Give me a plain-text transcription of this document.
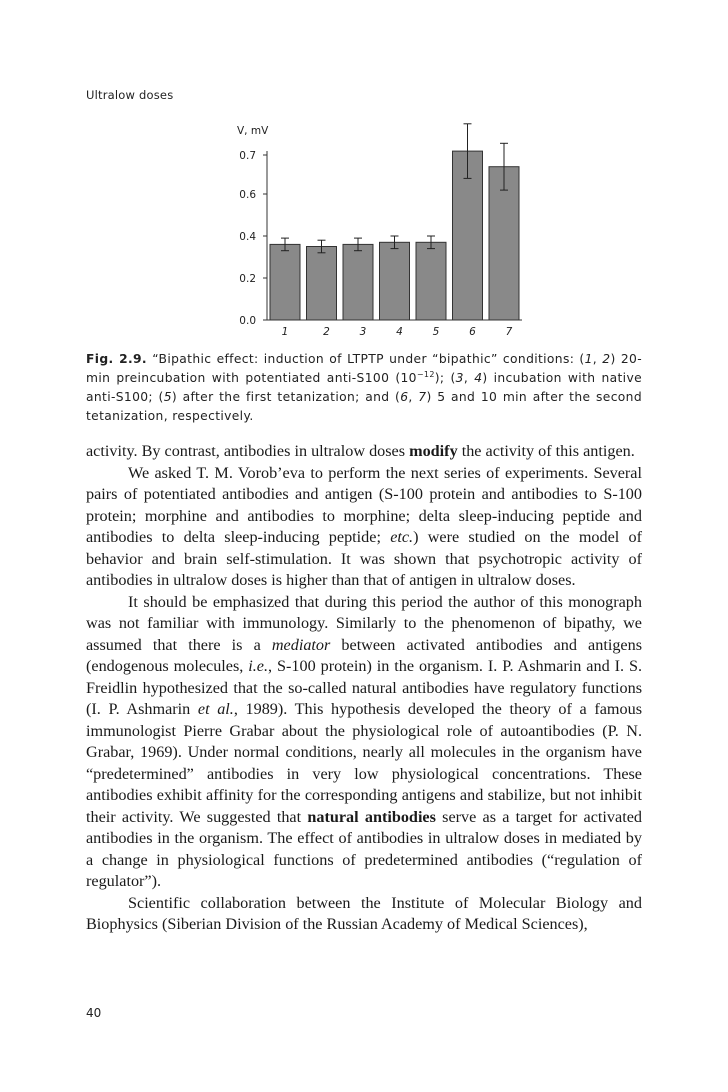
Ultralow doses
V, mV
0.0
0.2
0.4
0.6
0.7
1	2	3	4	5	6	7
Fig. 2.9. “Bipathic effect: induction of LTPTP under “bipathic” conditions: (1, 2) 20-min preincubation with potentiated anti-S100 $(10^{-12})$; (3, 4) incubation with native anti-S100; (5) after the first tetanization; and (6, 7) 5 and 10 min after the second tetanization, respectively.

activity. By contrast, antibodies in ultralow doses modify the activity of this antigen.

We asked T. M. Vorob’eva to perform the next series of experiments. Several pairs of potentiated antibodies and antigen (S-100 protein and antibodies to S-100 protein; morphine and antibodies to morphine; delta sleep-inducing peptide and antibodies to delta sleep-inducing peptide; etc.) were studied on the model of behavior and brain self-stimulation. It was shown that psychotropic activity of antibodies in ultralow doses is higher than that of antigen in ultralow doses.

It should be emphasized that during this period the author of this monograph was not familiar with immunology. Similarly to the phenomenon of bipathy, we assumed that there is a mediator between activated antibodies and antigens (endogenous molecules, i.e., S-100 protein) in the organism. I. P. Ashmarin and I. S. Freidlin hypothesized that the so-called natural antibodies have regulatory functions (I. P. Ashmarin et al., 1989). This hypothesis developed the theory of a famous immunologist Pierre Grabar about the physiological role of autoantibodies (P. N. Grabar, 1969). Under normal conditions, nearly all molecules in the organism have “predetermined” antibodies in very low physiological concentrations. These antibodies exhibit affinity for the corresponding antigens and stabilize, but not inhibit their activity. We suggested that natural antibodies serve as a target for activated antibodies in the organism. The effect of antibodies in ultralow doses in mediated by a change in physiological functions of predetermined antibodies (“regulation of regulator”).

Scientific collaboration between the Institute of Molecular Biology and Biophysics (Siberian Division of the Russian Academy of Medical Sciences),

40
